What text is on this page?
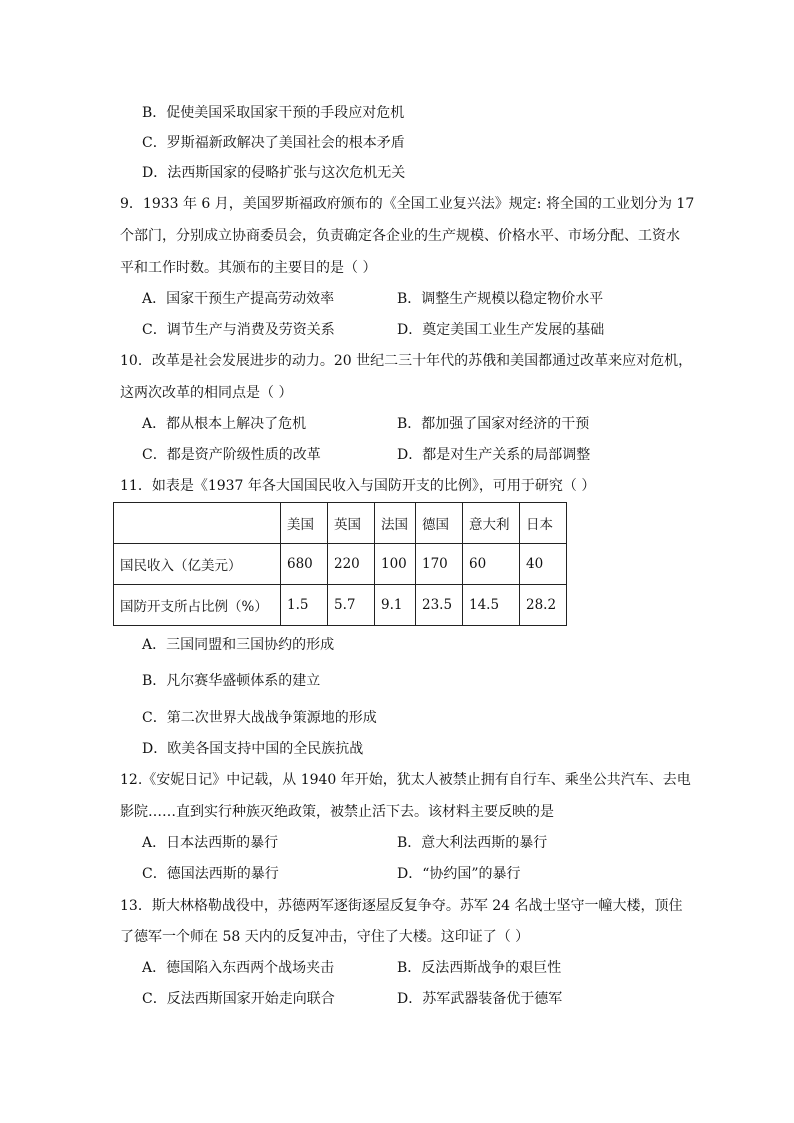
B．促使美国采取国家干预的手段应对危机
C．罗斯福新政解决了美国社会的根本矛盾
D．法西斯国家的侵略扩张与这次危机无关
9．1933 年 6 月，美国罗斯福政府颁布的《全国工业复兴法》规定: 将全国的工业划分为 17
个部门，分别成立协商委员会，负责确定各企业的生产规模、价格水平、市场分配、工资水
平和工作时数。其颁布的主要目的是（ ）
A．国家干预生产提高劳动效率	B．调整生产规模以稳定物价水平
C．调节生产与消费及劳资关系	D．奠定美国工业生产发展的基础
10．改革是社会发展进步的动力。20 世纪二三十年代的苏俄和美国都通过改革来应对危机，
这两次改革的相同点是（ ）
A．都从根本上解决了危机	B．都加强了国家对经济的干预
C．都是资产阶级性质的改革	D．都是对生产关系的局部调整
11．如表是《1937 年各大国国民收入与国防开支的比例》，可用于研究（ ）
	美国	英国	法国	德国	意大利	日本
国民收入（亿美元）	680	220	100	170	60	40
国防开支所占比例（%）	1.5	5.7	9.1	23.5	14.5	28.2
A．三国同盟和三国协约的形成
B．凡尔赛华盛顿体系的建立
C．第二次世界大战战争策源地的形成
D．欧美各国支持中国的全民族抗战
12.《安妮日记》中记载，从 1940 年开始，犹太人被禁止拥有自行车、乘坐公共汽车、去电
影院……直到实行种族灭绝政策，被禁止活下去。该材料主要反映的是
A．日本法西斯的暴行	B．意大利法西斯的暴行
C．德国法西斯的暴行	D．“协约国”的暴行
13．斯大林格勒战役中，苏德两军逐街逐屋反复争夺。苏军 24 名战士坚守一幢大楼，顶住
了德军一个师在 58 天内的反复冲击，守住了大楼。这印证了（ ）
A．德国陷入东西两个战场夹击	B．反法西斯战争的艰巨性
C．反法西斯国家开始走向联合	D．苏军武器装备优于德军
